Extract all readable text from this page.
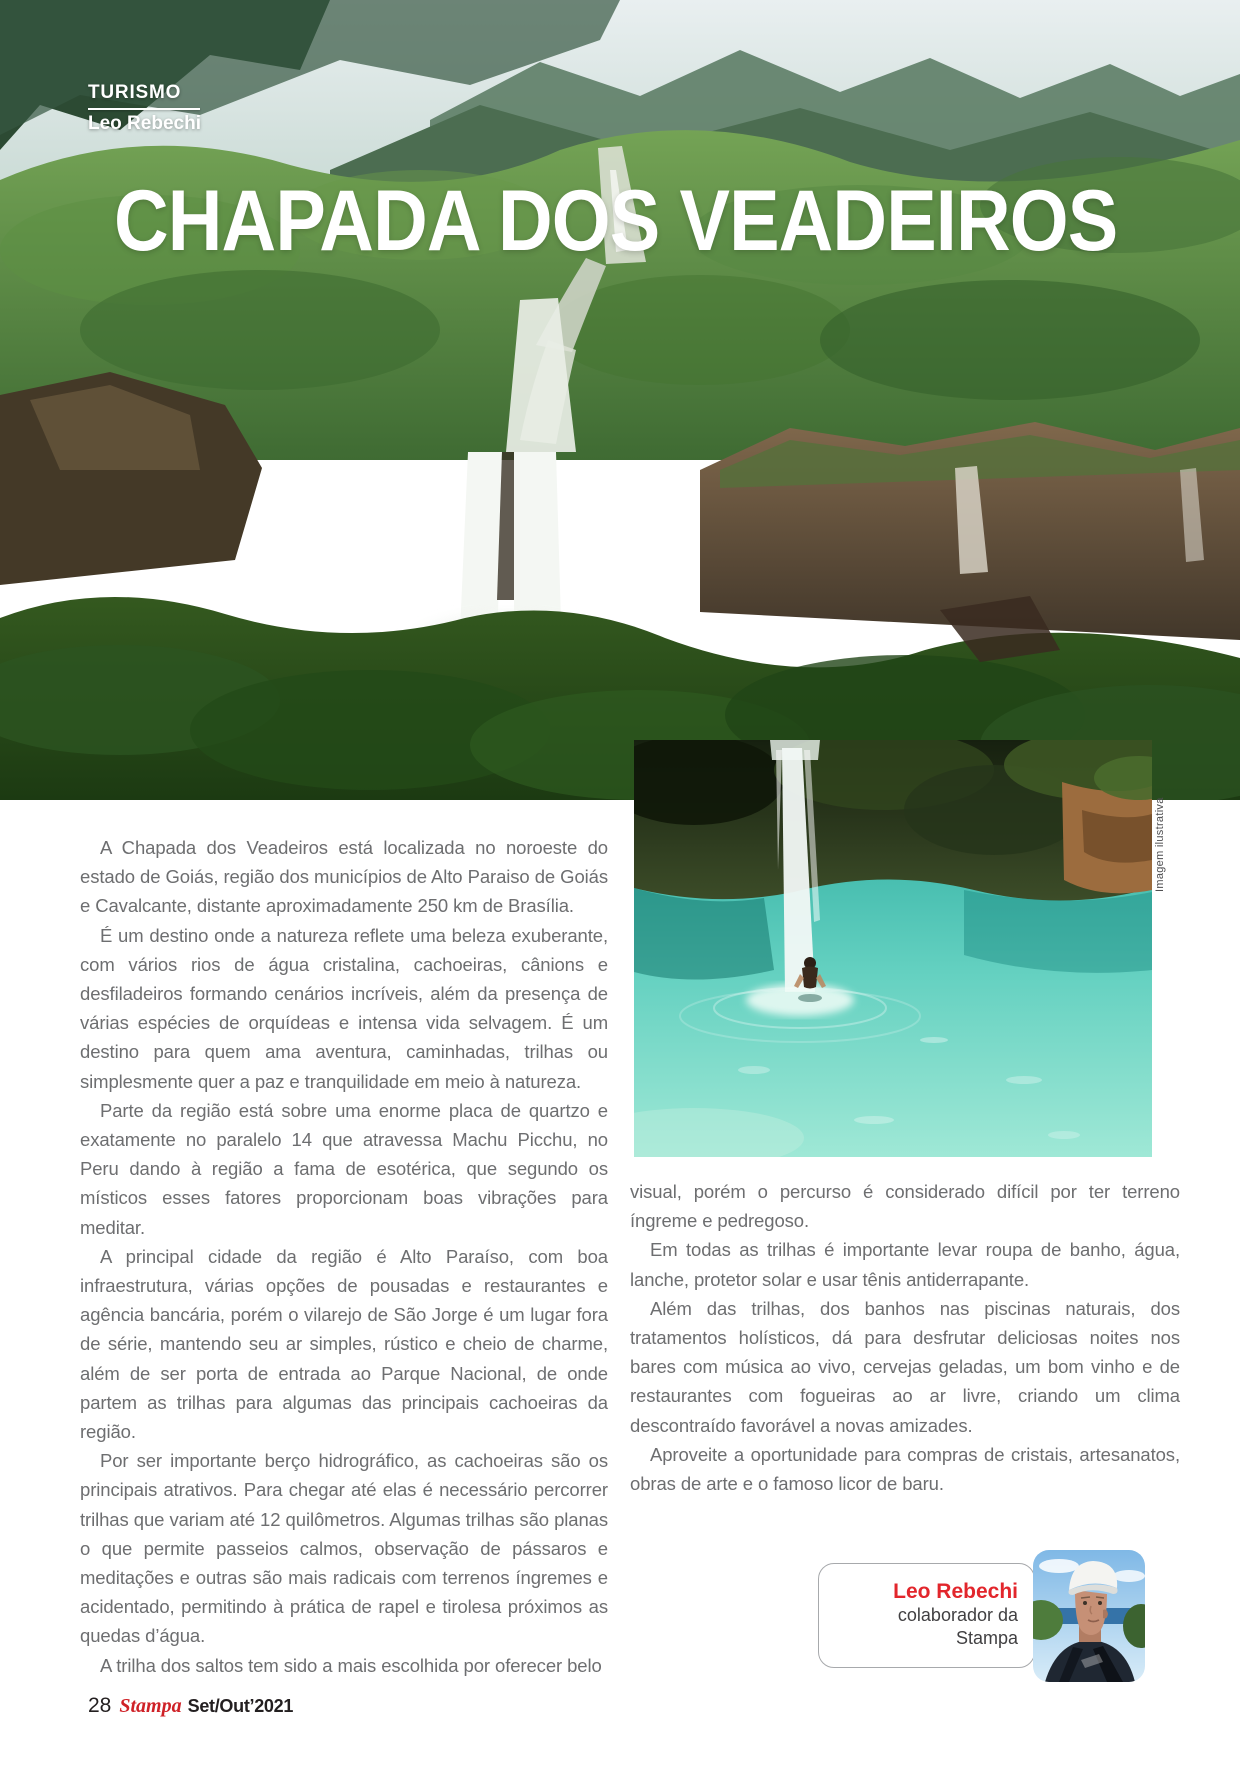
TURISMO
Leo Rebechi
CHAPADA DOS VEADEIROS
Imagem ilustrativa

A Chapada dos Veadeiros está localizada no noroeste do estado de Goiás, região dos municípios de Alto Paraiso de Goiás e Cavalcante, distante aproximadamente 250 km de Brasília.

É um destino onde a natureza reflete uma beleza exuberante, com vários rios de água cristalina, cachoeiras, cânions e desfiladeiros formando cenários incríveis, além da presença de várias espécies de orquídeas e intensa vida selvagem. É um destino para quem ama aventura, caminhadas, trilhas ou simplesmente quer a paz e tranquilidade em meio à natureza.

Parte da região está sobre uma enorme placa de quartzo e exatamente no paralelo 14 que atravessa Machu Picchu, no Peru dando à região a fama de esotérica, que segundo os místicos esses fatores proporcionam boas vibrações para meditar.

A principal cidade da região é Alto Paraíso, com boa infraestrutura, várias opções de pousadas e restaurantes e agência bancária, porém o vilarejo de São Jorge é um lugar fora de série, mantendo seu ar simples, rústico e cheio de charme, além de ser porta de entrada ao Parque Nacional, de onde partem as trilhas para algumas das principais cachoeiras da região.

Por ser importante berço hidrográfico, as cachoeiras são os principais atrativos. Para chegar até elas é necessário percorrer trilhas que variam até 12 quilômetros. Algumas trilhas são planas o que permite passeios calmos, observação de pássaros e meditações e outras são mais radicais com terrenos íngremes e acidentado, permitindo à prática de rapel e tirolesa próximos as quedas d’água.

A trilha dos saltos tem sido a mais escolhida por oferecer belo

visual, porém o percurso é considerado difícil por ter terreno íngreme e pedregoso.

Em todas as trilhas é importante levar roupa de banho, água, lanche, protetor solar e usar tênis antiderrapante.

Além das trilhas, dos banhos nas piscinas naturais, dos tratamentos holísticos, dá para desfrutar deliciosas noites nos bares com música ao vivo, cervejas geladas, um bom vinho e de restaurantes com fogueiras ao ar livre, criando um clima descontraído favorável a novas amizades.

Aproveite a oportunidade para compras de cristais, artesanatos, obras de arte e o famoso licor de baru.

Leo Rebechi
colaborador da
Stampa
28 Stampa Set/Out’2021
